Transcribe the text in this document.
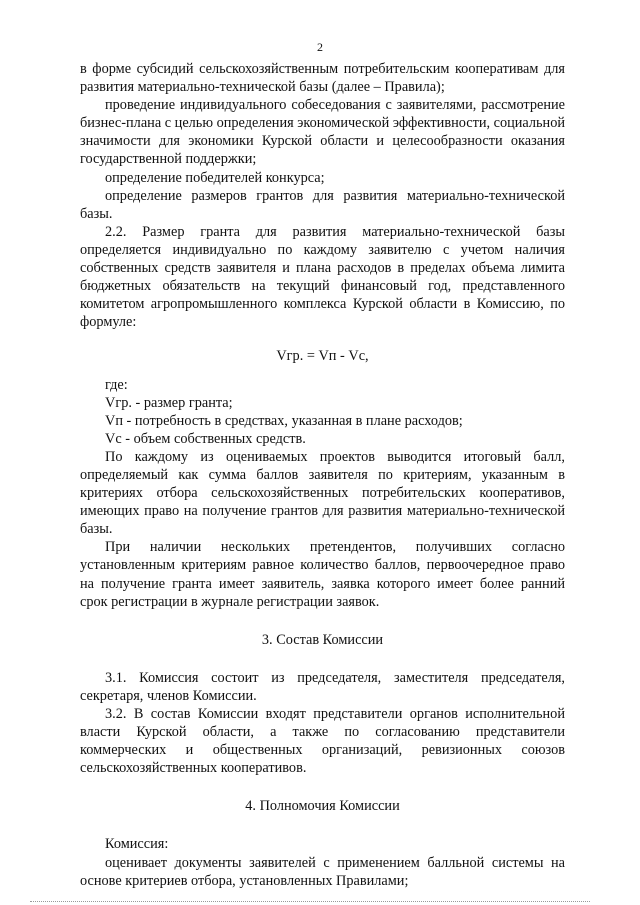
2

в форме субсидий сельскохозяйственным потребительским кооперативам для развития материально-технической базы (далее – Правила);

проведение индивидуального собеседования с заявителями, рассмотрение бизнес-плана с целью определения экономической эффективности, социальной значимости для экономики Курской области и целесообразности оказания государственной поддержки;

определение победителей конкурса;

определение размеров грантов для развития материально-технической базы.

2.2. Размер гранта для развития материально-технической базы определяется индивидуально по каждому заявителю с учетом наличия собственных средств заявителя и плана расходов в пределах объема лимита бюджетных обязательств на текущий финансовый год, представленного комитетом агропромышленного комплекса Курской области в Комиссию, по формуле:

Vгр. = Vп - Vс,

где:

Vгр. - размер гранта;

Vп - потребность в средствах, указанная в плане расходов;

Vс - объем собственных средств.

По каждому из оцениваемых проектов выводится итоговый балл, определяемый как сумма баллов заявителя по критериям, указанным в критериях отбора сельскохозяйственных потребительских кооперативов, имеющих право на получение грантов для развития материально-технической базы.

При наличии нескольких претендентов, получивших согласно установленным критериям равное количество баллов, первоочередное право на получение гранта имеет заявитель, заявка которого имеет более ранний срок регистрации в журнале регистрации заявок.

3. Состав Комиссии

3.1. Комиссия состоит из председателя, заместителя председателя, секретаря, членов Комиссии.

3.2. В состав Комиссии входят представители органов исполнительной власти Курской области, а также по согласованию представители коммерческих и общественных организаций, ревизионных союзов сельскохозяйственных кооперативов.

4. Полномочия Комиссии

Комиссия:

оценивает документы заявителей с применением балльной системы на основе критериев отбора, установленных Правилами;
